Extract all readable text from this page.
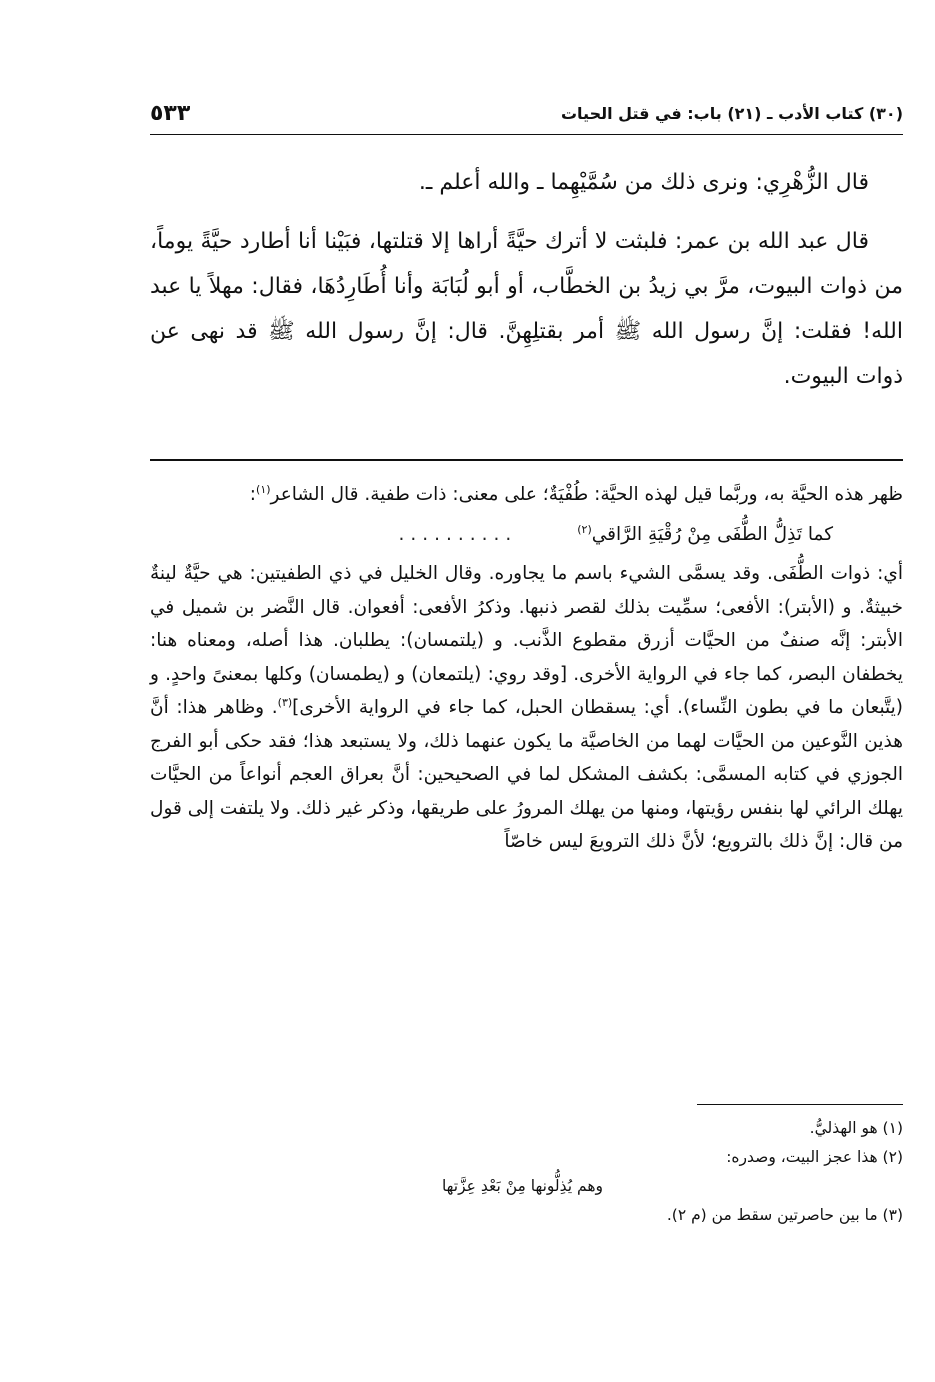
(٣٠) كتاب الأدب ـ (٢١) باب: في قتل الحيات
٥٣٣

قال الزُّهْرِي: ونرى ذلك من سُمَّيْهِما ـ والله أعلم ـ.

قال عبد الله بن عمر: فلبثت لا أترك حيَّةً أراها إلا قتلتها، فبَيْنا أنا أطارد حيَّةً يوماً، من ذوات البيوت، مرَّ بي زيدُ بن الخطَّاب، أو أبو لُبَابَة وأنا أُطَارِدُهَا، فقال: مهلاً يا عبد الله! فقلت: إنَّ رسول الله ﷺ أمر بقتلِهِنَّ. قال: إنَّ رسول الله ﷺ قد نهى عن ذوات البيوت.

ظهر هذه الحيَّة به، وربَّما قيل لهذه الحيَّة: طُفْيَةٌ؛ على معنى: ذات طفية. قال الشاعر$^{(١)}$:

كما تَذِلُّ الطُّفَى مِنْ رُقْيَةِ الرَّاقي$^{(٢)}$
..........

أي: ذوات الطُّفَى. وقد يسمَّى الشيء باسم ما يجاوره. وقال الخليل في ذي الطفيتين: هي حيَّةٌ لينةٌ خبيثةٌ. و (الأبتر): الأفعى؛ سمِّيت بذلك لقصر ذنبها. وذكرُ الأفعى: أفعوان. قال النَّضر بن شميل في الأبتر: إنَّه صنفٌ من الحيَّات أزرق مقطوع الذَّنب. و (يلتمسان): يطلبان. هذا أصله، ومعناه هنا: يخطفان البصر، كما جاء في الرواية الأخرى. [وقد روي: (يلتمعان) و (يطمسان) وكلها بمعنىً واحدٍ. و (يتَّبعان ما في بطون النِّساء). أي: يسقطان الحبل، كما جاء في الرواية الأخرى]$^{(٣)}$. وظاهر هذا: أنَّ هذين النَّوعين من الحيَّات لهما من الخاصيَّة ما يكون عنهما ذلك، ولا يستبعد هذا؛ فقد حكى أبو الفرج الجوزي في كتابه المسمَّى: بكشف المشكل لما في الصحيحين: أنَّ بعراق العجم أنواعاً من الحيَّات يهلك الرائي لها بنفس رؤيتها، ومنها من يهلك المرورُ على طريقها، وذكر غير ذلك. ولا يلتفت إلى قول من قال: إنَّ ذلك بالترويع؛ لأنَّ ذلك الترويعَ ليس خاصّاً

(١) هو الهذليُّ.

(٢) هذا عجز البيت، وصدره:

وهم يُذِلُّونها مِنْ بَعْدِ عِزَّتها

(٣) ما بين حاصرتين سقط من (م ٢).
